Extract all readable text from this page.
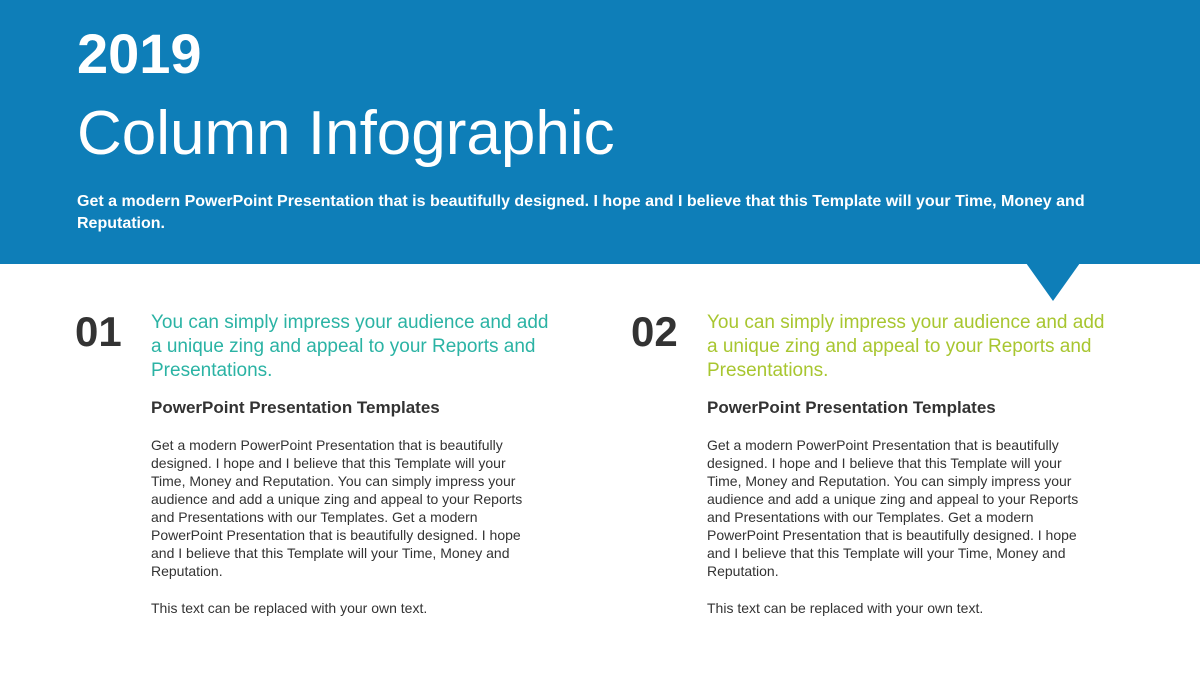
2019
Column Infographic

Get a modern PowerPoint Presentation that is beautifully designed. I hope and I believe that this Template will your Time, Money and Reputation.

01 You can simply impress your audience and add a unique zing and appeal to your Reports and Presentations.

PowerPoint Presentation Templates

Get a modern PowerPoint Presentation that is beautifully designed. I hope and I believe that this Template will your Time, Money and Reputation. You can simply impress your audience and add a unique zing and appeal to your Reports and Presentations with our Templates. Get a modern PowerPoint Presentation that is beautifully designed. I hope and I believe that this Template will your Time, Money and Reputation.

This text can be replaced with your own text.

02 You can simply impress your audience and add a unique zing and appeal to your Reports and Presentations.

PowerPoint Presentation Templates

Get a modern PowerPoint Presentation that is beautifully designed. I hope and I believe that this Template will your Time, Money and Reputation. You can simply impress your audience and add a unique zing and appeal to your Reports and Presentations with our Templates. Get a modern PowerPoint Presentation that is beautifully designed. I hope and I believe that this Template will your Time, Money and Reputation.

This text can be replaced with your own text.
